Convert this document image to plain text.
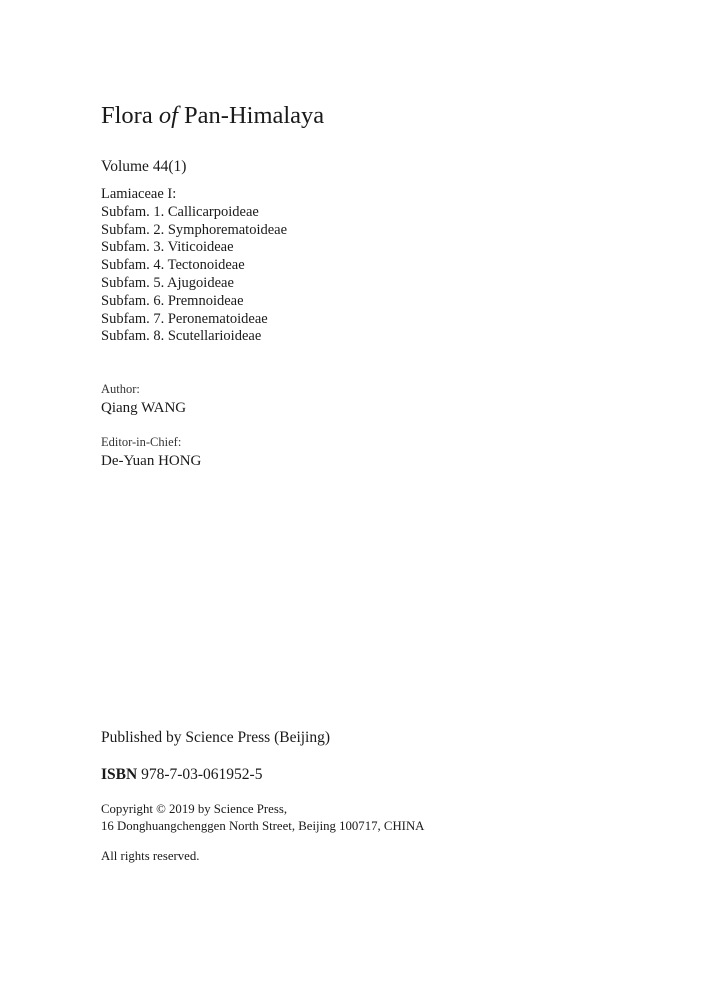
Flora of Pan-Himalaya
Volume 44(1)
Lamiaceae I:
Subfam. 1. Callicarpoideae
Subfam. 2. Symphorematoideae
Subfam. 3. Viticoideae
Subfam. 4. Tectonoideae
Subfam. 5. Ajugoideae
Subfam. 6. Premnoideae
Subfam. 7. Peronematoideae
Subfam. 8. Scutellarioideae
Author:
Qiang WANG
Editor-in-Chief:
De-Yuan HONG
Published by Science Press (Beijing)
ISBN 978-7-03-061952-5
Copyright © 2019 by Science Press,
16 Donghuangchenggen North Street, Beijing 100717, CHINA
All rights reserved.
